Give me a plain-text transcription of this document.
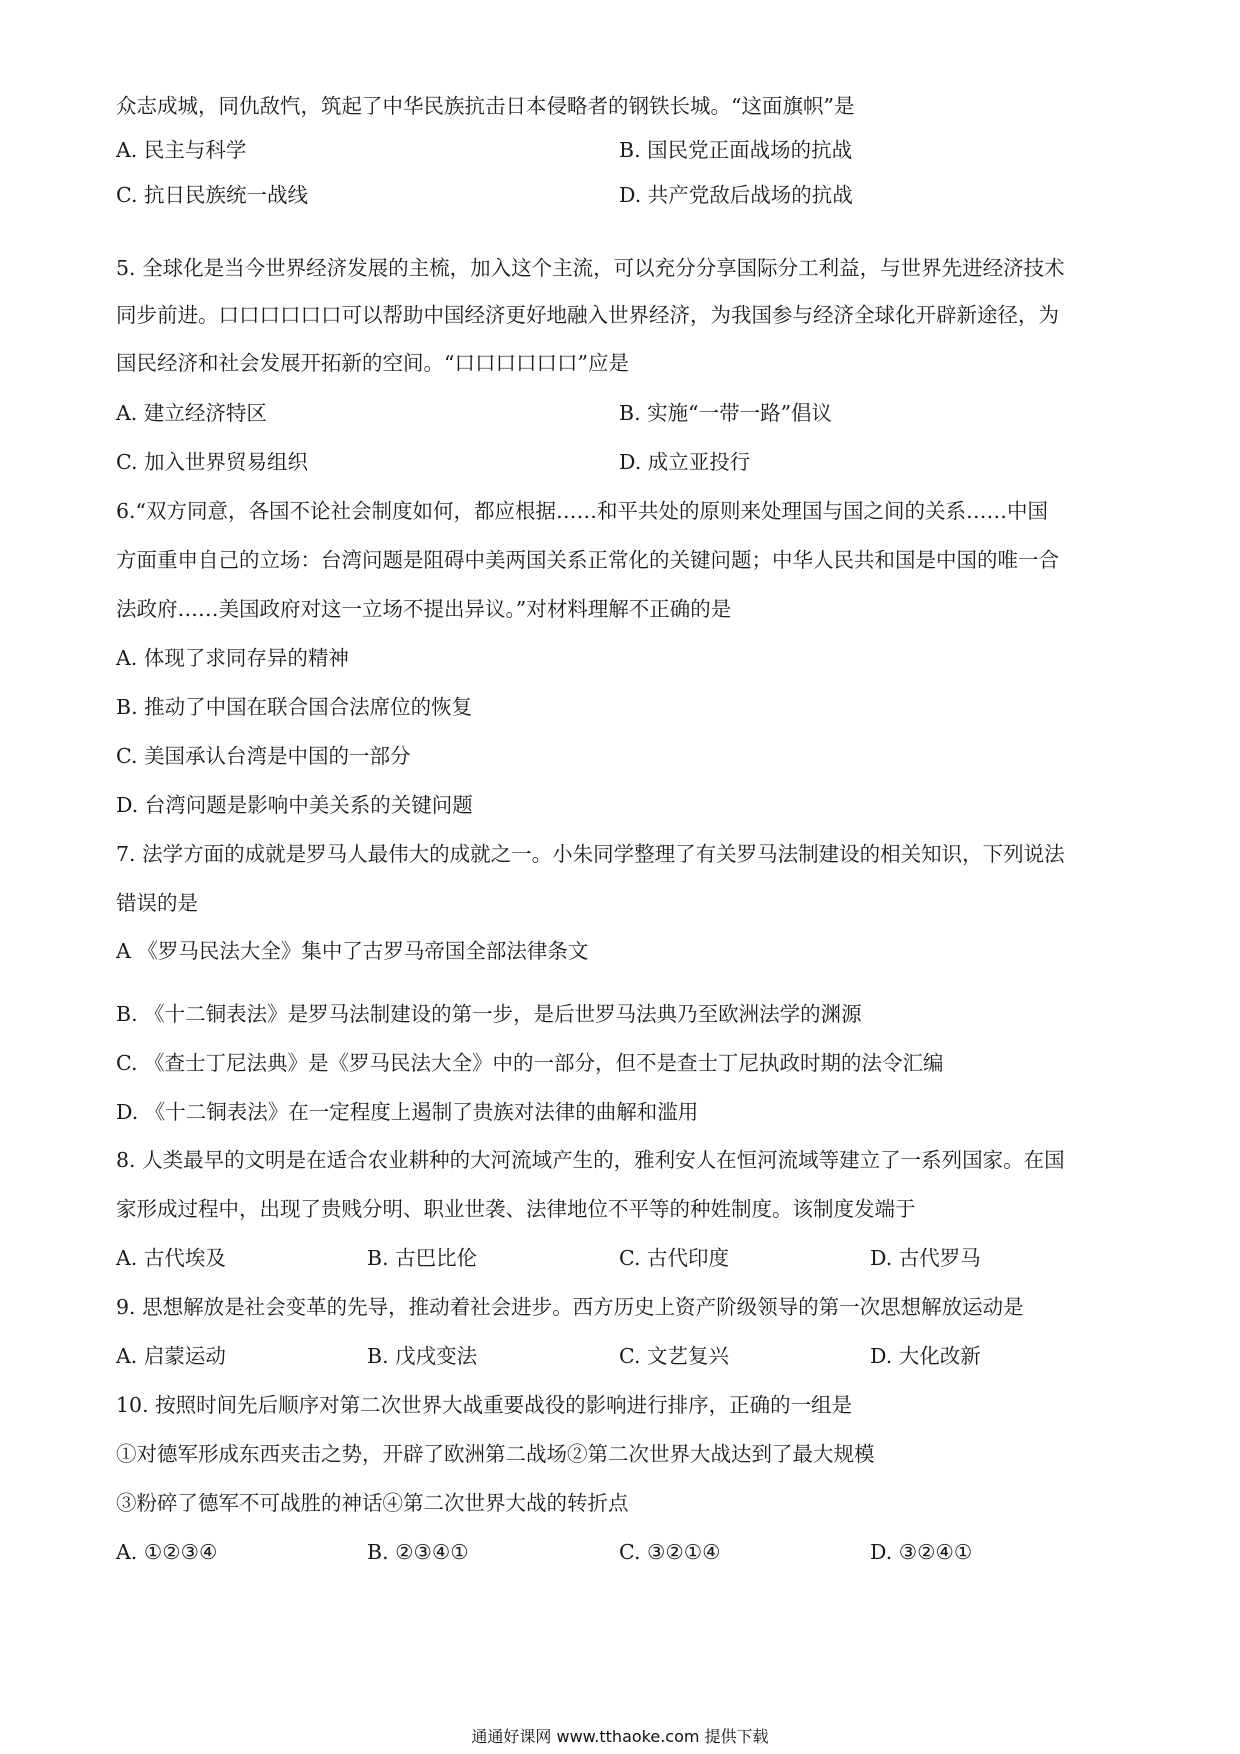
众志成城，同仇敌忾，筑起了中华民族抗击日本侵略者的钢铁长城。“这面旗帜”是
A. 民主与科学	B. 国民党正面战场的抗战
C. 抗日民族统一战线	D. 共产党敌后战场的抗战
5. 全球化是当今世界经济发展的主梳，加入这个主流，可以充分分享国际分工利益，与世界先进经济技术
同步前进。口口口口口口可以帮助中国经济更好地融入世界经济，为我国参与经济全球化开辟新途径，为
国民经济和社会发展开拓新的空间。“口口口口口口”应是
A. 建立经济特区	B. 实施“一带一路”倡议
C. 加入世界贸易组织	D. 成立亚投行
6.“双方同意，各国不论社会制度如何，都应根据……和平共处的原则来处理国与国之间的关系……中国
方面重申自己的立场：台湾问题是阻碍中美两国关系正常化的关键问题；中华人民共和国是中国的唯一合
法政府……美国政府对这一立场不提出异议。”对材料理解不正确的是
A. 体现了求同存异的精神
B. 推动了中国在联合国合法席位的恢复
C. 美国承认台湾是中国的一部分
D. 台湾问题是影响中美关系的关键问题
7. 法学方面的成就是罗马人最伟大的成就之一。小朱同学整理了有关罗马法制建设的相关知识，下列说法
错误的是
A 《罗马民法大全》集中了古罗马帝国全部法律条文
B. 《十二铜表法》是罗马法制建设的第一步，是后世罗马法典乃至欧洲法学的渊源
C. 《查士丁尼法典》是《罗马民法大全》中的一部分，但不是查士丁尼执政时期的法令汇编
D. 《十二铜表法》在一定程度上遏制了贵族对法律的曲解和滥用
8. 人类最早的文明是在适合农业耕种的大河流域产生的，雅利安人在恒河流域等建立了一系列国家。在国
家形成过程中，出现了贵贱分明、职业世袭、法律地位不平等的种姓制度。该制度发端于
A. 古代埃及	B. 古巴比伦	C. 古代印度	D. 古代罗马
9. 思想解放是社会变革的先导，推动着社会进步。西方历史上资产阶级领导的第一次思想解放运动是
A. 启蒙运动	B. 戊戌变法	C. 文艺复兴	D. 大化改新
10. 按照时间先后顺序对第二次世界大战重要战役的影响进行排序，正确的一组是
①对德军形成东西夹击之势，开辟了欧洲第二战场②第二次世界大战达到了最大规模
③粉碎了德军不可战胜的神话④第二次世界大战的转折点
A. ①②③④	B. ②③④①	C. ③②①④	D. ③②④①
通通好课网 www.tthaoke.com 提供下载
